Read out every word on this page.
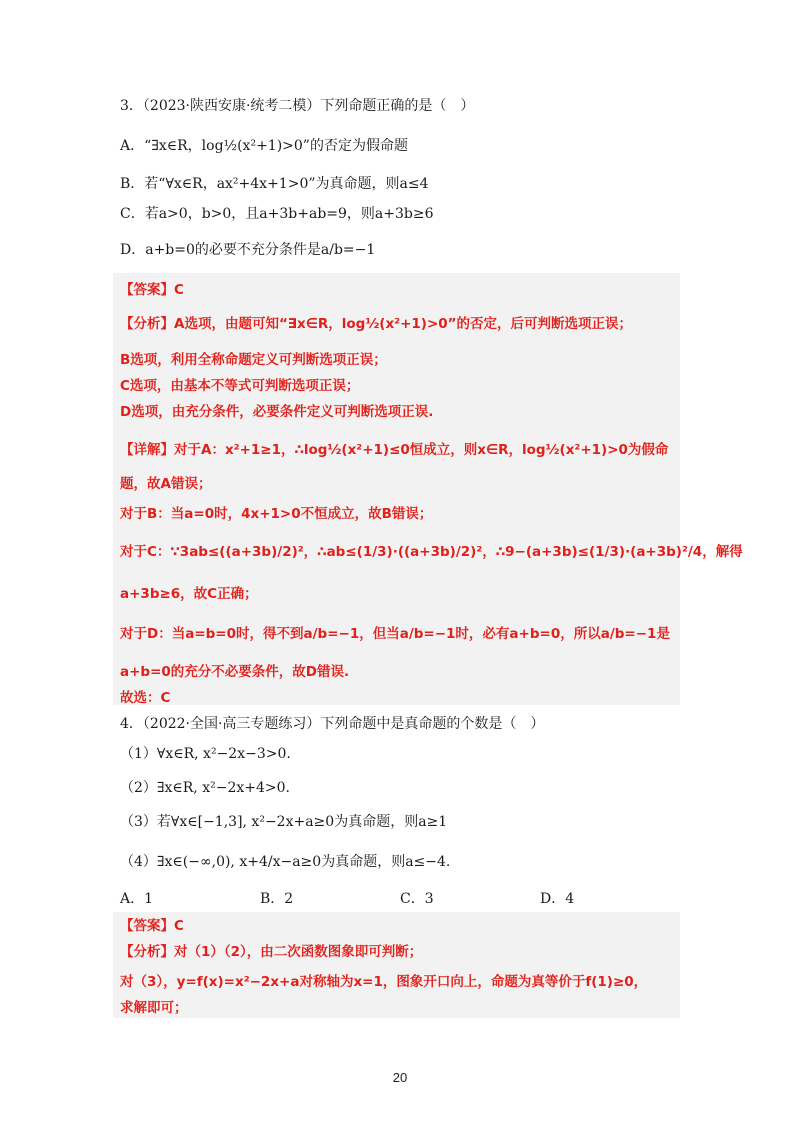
3．（2023·陕西安康·统考二模）下列命题正确的是（　）
A．“∃x∈R，log½(x²+1)>0”的否定为假命题
B．若“∀x∈R，ax²+4x+1>0”为真命题，则a≤4
C．若a>0，b>0，且a+3b+ab=9，则a+3b≥6
D．a+b=0的必要不充分条件是a/b=−1
【答案】C
【分析】A选项，由题可知“∃x∈R，log½(x²+1)>0”的否定，后可判断选项正误；
B选项，利用全称命题定义可判断选项正误；
C选项，由基本不等式可判断选项正误；
D选项，由充分条件，必要条件定义可判断选项正误.
【详解】对于A：x²+1≥1，∴log½(x²+1)≤0恒成立，则x∈R，log½(x²+1)>0为假命
题，故A错误；
对于B：当a=0时，4x+1>0不恒成立，故B错误；
对于C：∵3ab≤((a+3b)/2)²，∴ab≤(1/3)·((a+3b)/2)²，∴9−(a+3b)≤(1/3)·(a+3b)²/4，解得
a+3b≥6，故C正确；
对于D：当a=b=0时，得不到a/b=−1，但当a/b=−1时，必有a+b=0，所以a/b=−1是
a+b=0的充分不必要条件，故D错误.
故选：C
4．（2022·全国·高三专题练习）下列命题中是真命题的个数是（　）
（1）∀x∈R, x²−2x−3>0.
（2）∃x∈R, x²−2x+4>0.
（3）若∀x∈[−1,3], x²−2x+a≥0为真命题，则a≥1
（4）∃x∈(−∞,0), x+4/x−a≥0为真命题，则a≤−4.
A．1	B．2	C．3	D．4
【答案】C
【分析】对（1）（2），由二次函数图象即可判断；
对（3），y=f(x)=x²−2x+a对称轴为x=1，图象开口向上，命题为真等价于f(1)≥0，
求解即可；
20
